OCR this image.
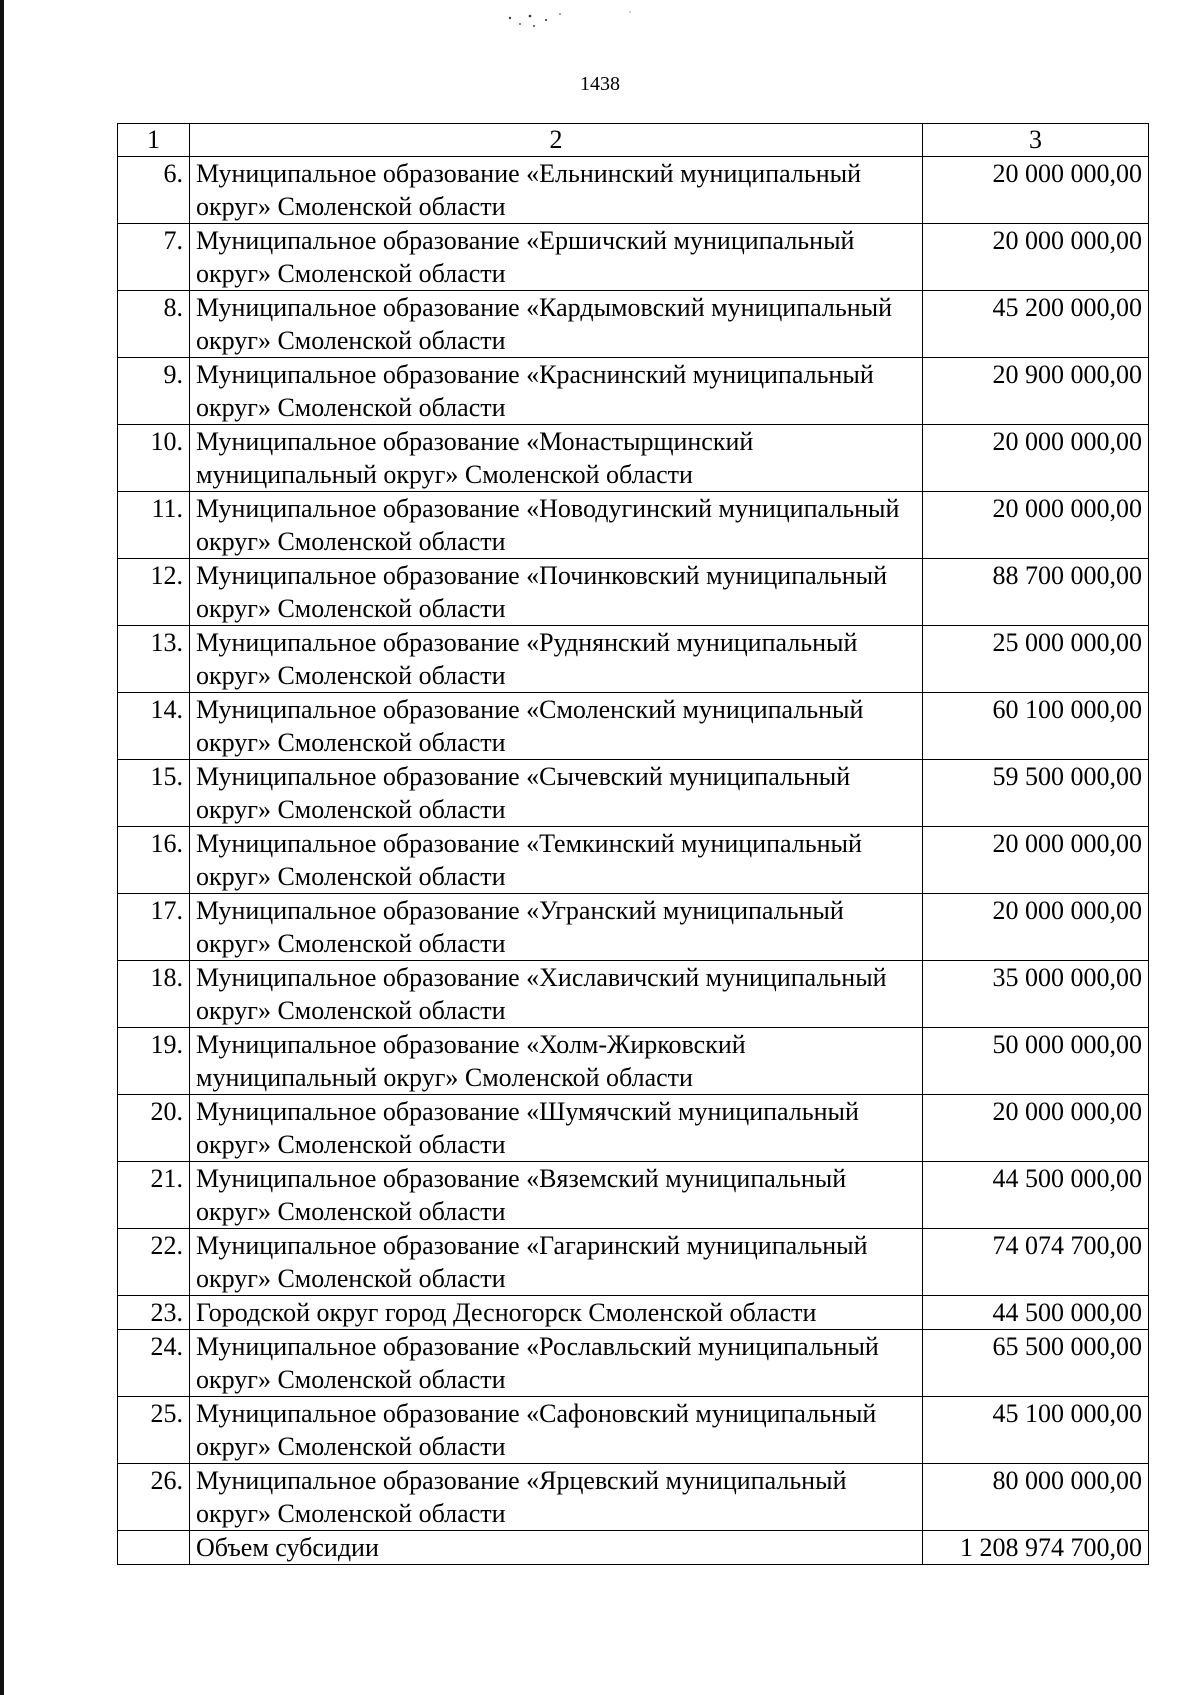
1438
1	2	3
6.	Муниципальное образование «Ельнинский муниципальный округ» Смоленской области	20 000 000,00
7.	Муниципальное образование «Ершичский муниципальный округ» Смоленской области	20 000 000,00
8.	Муниципальное образование «Кардымовский муниципальный округ» Смоленской области	45 200 000,00
9.	Муниципальное образование «Краснинский муниципальный округ» Смоленской области	20 900 000,00
10.	Муниципальное образование «Монастырщинский муниципальный округ» Смоленской области	20 000 000,00
11.	Муниципальное образование «Новодугинский муниципальный округ» Смоленской области	20 000 000,00
12.	Муниципальное образование «Починковский муниципальный округ» Смоленской области	88 700 000,00
13.	Муниципальное образование «Руднянский муниципальный округ» Смоленской области	25 000 000,00
14.	Муниципальное образование «Смоленский муниципальный округ» Смоленской области	60 100 000,00
15.	Муниципальное образование «Сычевский муниципальный округ» Смоленской области	59 500 000,00
16.	Муниципальное образование «Темкинский муниципальный округ» Смоленской области	20 000 000,00
17.	Муниципальное образование «Угранский муниципальный округ» Смоленской области	20 000 000,00
18.	Муниципальное образование «Хиславичский муниципальный округ» Смоленской области	35 000 000,00
19.	Муниципальное образование «Холм-Жирковский муниципальный округ» Смоленской области	50 000 000,00
20.	Муниципальное образование «Шумячский муниципальный округ» Смоленской области	20 000 000,00
21.	Муниципальное образование «Вяземский муниципальный округ» Смоленской области	44 500 000,00
22.	Муниципальное образование «Гагаринский муниципальный округ» Смоленской области	74 074 700,00
23.	Городской округ город Десногорск Смоленской области	44 500 000,00
24.	Муниципальное образование «Рославльский муниципальный округ» Смоленской области	65 500 000,00
25.	Муниципальное образование «Сафоновский муниципальный округ» Смоленской области	45 100 000,00
26.	Муниципальное образование «Ярцевский муниципальный округ» Смоленской области	80 000 000,00
	Объем субсидии	1 208 974 700,00
